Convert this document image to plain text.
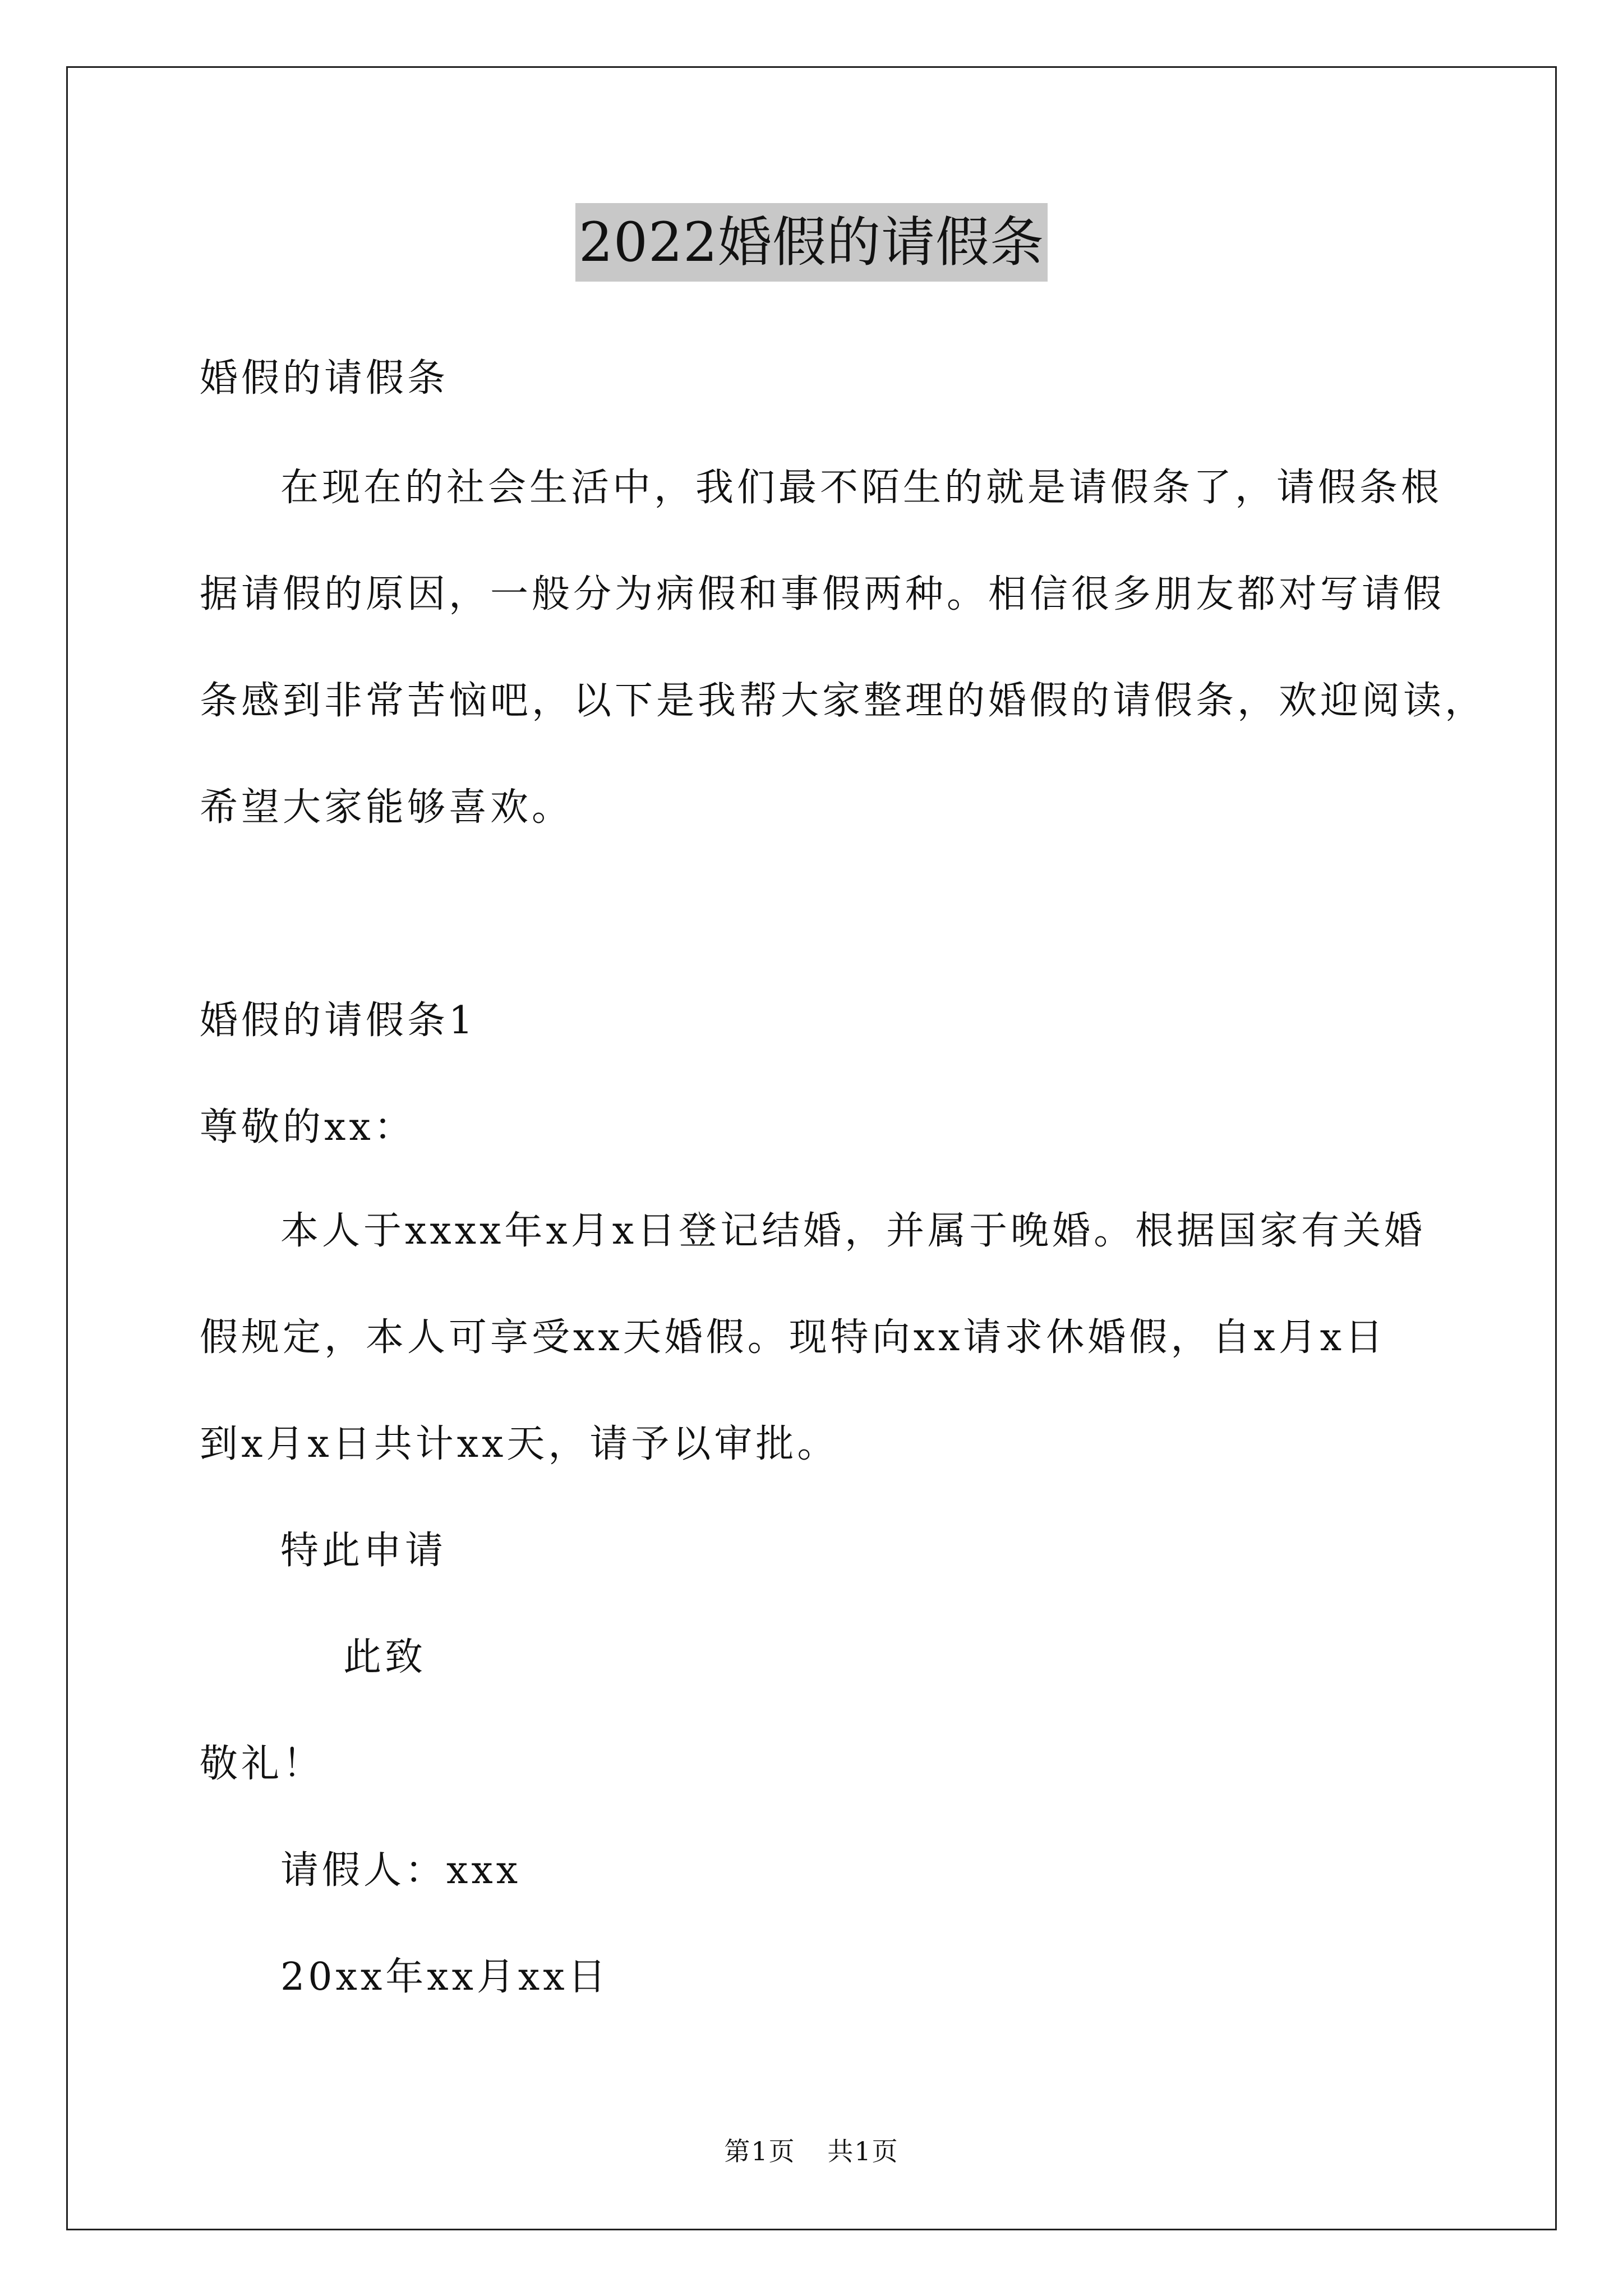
2022婚假的请假条
婚假的请假条
在现在的社会生活中，我们最不陌生的就是请假条了，请假条根
据请假的原因，一般分为病假和事假两种。相信很多朋友都对写请假
条感到非常苦恼吧，以下是我帮大家整理的婚假的请假条，欢迎阅读，
希望大家能够喜欢。
婚假的请假条1
尊敬的xx：
本人于xxxx年x月x日登记结婚，并属于晚婚。根据国家有关婚
假规定，本人可享受xx天婚假。现特向xx请求休婚假，自x月x日
到x月x日共计xx天，请予以审批。
特此申请
此致
敬礼！
请假人：xxx
20xx年xx月xx日
第1页 共1页
